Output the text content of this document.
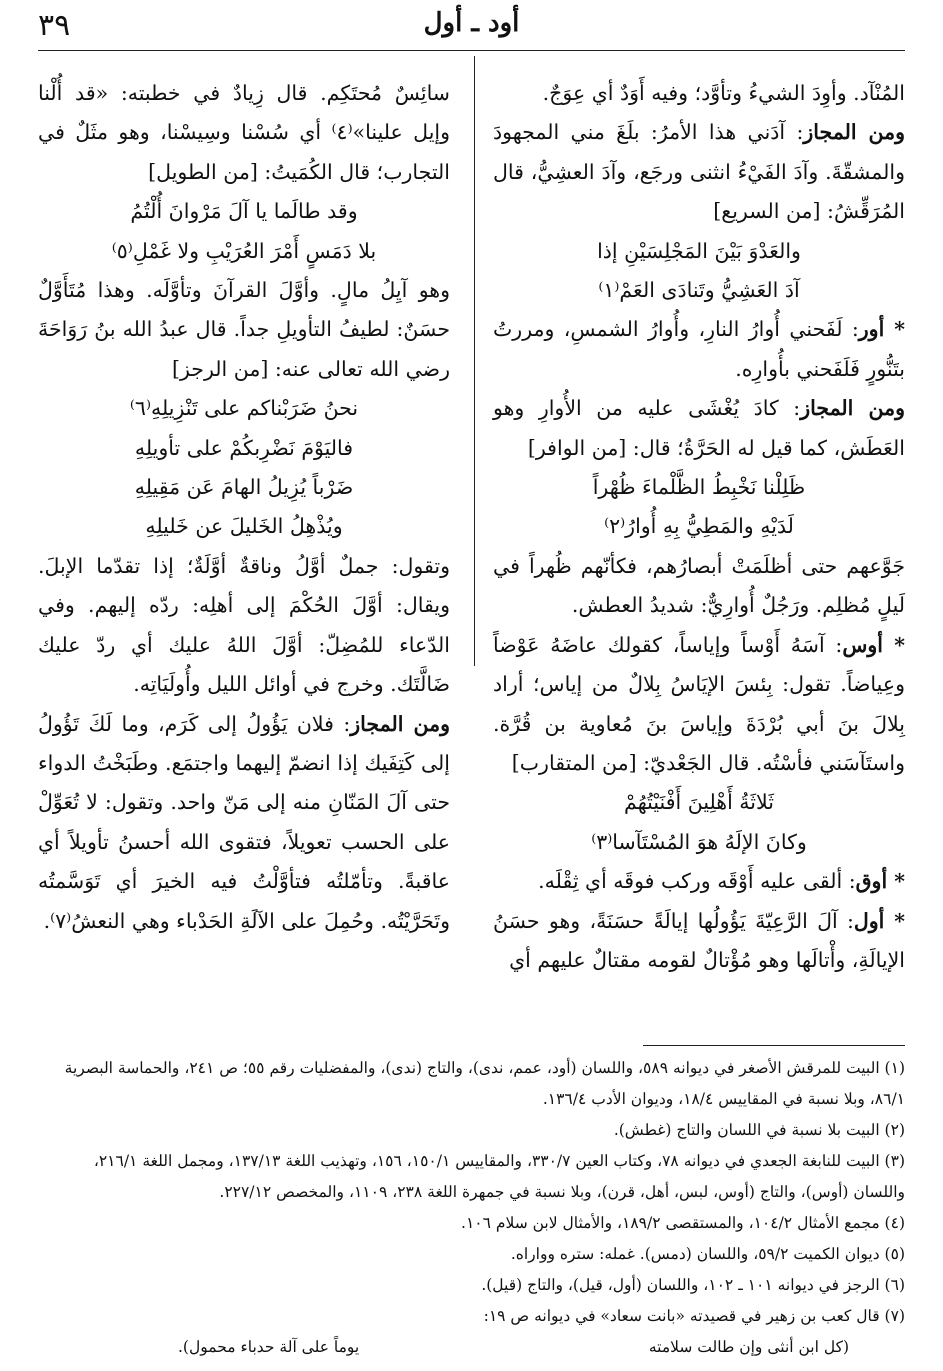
٣٩	أود ـ أول

المُنْآد. وأوِدَ الشيءُ وتأوَّد؛ وفيه أَوَدٌ أي عِوَجٌ.

ومن المجاز: آدَني هذا الأمرُ: بلَغَ مني المجهودَ والمشقّةَ. وآدَ الفَيْءُ انثنى ورجَع، وآدَ العشِيُّ، قال المُرَقِّشُ: [من السريع]

والعَدْوَ بَيْنَ المَجْلِسَيْنِ إذا
آدَ العَشِيُّ وتَنادَى العَمْ⁽١⁾

* أور: لَفَحني أُوارُ النارِ، وأُوارُ الشمسِ، ومررتُ بتَنُّورٍ فَلَفَحني بأُوارِه.

ومن المجاز: كادَ يُغْشَى عليه من الأُوارِ وهو العَطَش، كما قيل له الحَرَّةُ؛ قال: [من الوافر]

ظَلِلْنا نَخْبِطُ الظَّلْماءَ ظُهْراً
لَدَيْهِ والمَطِيُّ بِهِ أُوارُ⁽٢⁾

جَوَّعهم حتى أظلَمَتْ أبصارُهم، فكأنّهم ظُهراً في لَيلٍ مُظلِم. ورَجُلٌ أُوارِيٌّ: شديدُ العطش.

* أوس: آسَهُ أَوْساً وإياساً، كقولك عاضَهُ عَوْضاً وعِياضاً. تقول: بِئسَ الإيَاسُ بِلالٌ من إياس؛ أراد بِلالَ بنَ أبي بُرْدَةَ وإياسَ بنَ مُعاوية بن قُرَّة. واستَآسَني فأسْتُه. قال الجَعْديّ: [من المتقارب]

ثَلاثَةُ أَهْلِينَ أَفْنَيْتُهُمْ
وكانَ الإلَهُ هوَ المُسْتَآسا⁽٣⁾

* أوق: ألقى عليه أَوْقَه وركب فوقَه أي ثِقْلَه.

* أول: آلَ الرَّعِيّةَ يَؤُولُها إيالَةً حسَنَةً، وهو حسَنُ الإيالَةِ، وأْتالَها وهو مُؤْتالٌ لقومه مقتالٌ عليهم أي

سائِسٌ مُحتَكِم. قال زِيادٌ في خطبته: «قد أُلْنا وإيل علينا»⁽٤⁾ أي سُسْنا وسِيسْنا، وهو مثَلٌ في التجارب؛ قال الكُمَيتُ: [من الطويل]

وقد طالَما يا آلَ مَرْوانَ أُلْتُمُ
بلا دَمَسٍ أَمْرَ العُرَيْبِ ولا غَمْلِ⁽٥⁾

وهو آيِلُ مالٍ. وأوَّلَ القرآنَ وتأوَّلَه. وهذا مُتَأَوَّلٌ حسَنٌ: لطيفُ التأويلِ جداً. قال عبدُ الله بنُ رَوَاحَةَ رضي الله تعالى عنه: [من الرجز]

نحنُ ضَرَبْناكم على تَنْزِيلِهِ⁽٦⁾
فاليَوْمَ نَضْرِبكُمْ على تأويلِهِ
ضَرْباً يُزِيلُ الهامَ عَن مَقِيلِهِ
ويُذْهِلُ الخَليلَ عن خَليلِهِ

وتقول: جملٌ أوَّلُ وناقةٌ أوَّلَةٌ؛ إذا تقدّما الإبلَ. ويقال: أوَّلَ الحُكْمَ إلى أهلِه: ردّه إليهم. وفي الدّعاء للمُضِلّ: أوَّلَ اللهُ عليك أي ردّ عليك ضَالَّتَك. وخرج في أوائل الليل وأُولَيَاتِه.

ومن المجاز: فلان يَؤُولُ إلى كَرَم، وما لَكَ تَؤُولُ إلى كَتِفَيك إذا انضمّ إليهما واجتمَع. وطَبَخْتُ الدواء حتى آلَ المَنّانِ منه إلى مَنّ واحد. وتقول: لا تُعَوِّلْ على الحسب تعويلاً، فتقوى الله أحسنُ تأويلاً أي عاقبةً. وتأمّلتُه فتأوَّلْتُ فيه الخيرَ أي تَوَسَّمتُه وتَحَرَّيْتُه. وحُمِلَ على الآلَةِ الحَدْباء وهي النعشُ⁽٧⁾.

(١) البيت للمرقش الأصغر في ديوانه ٥٨٩، واللسان (أود، عمم، ندى)، والتاج (ندى)، والمفضليات رقم ٥٥؛ ص ٢٤١، والحماسة البصرية ٨٦/١، وبلا نسبة في المقاييس ١٨/٤، وديوان الأدب ١٣٦/٤.

(٢) البيت بلا نسبة في اللسان والتاج (غطش).

(٣) البيت للنابغة الجعدي في ديوانه ٧٨، وكتاب العين ٣٣٠/٧، والمقاييس ١٥٠/١، ١٥٦، وتهذيب اللغة ١٣٧/١٣، ومجمل اللغة ٢١٦/١، واللسان (أوس)، والتاج (أوس، لبس، أهل، قرن)، وبلا نسبة في جمهرة اللغة ٢٣٨، ١١٠٩، والمخصص ٢٢٧/١٢.

(٤) مجمع الأمثال ١٠٤/٢، والمستقصى ١٨٩/٢، والأمثال لابن سلام ١٠٦.

(٥) ديوان الكميت ٥٩/٢، واللسان (دمس). غمله: ستره وواراه.

(٦) الرجز في ديوانه ١٠١ ـ ١٠٢، واللسان (أول، قيل)، والتاج (قيل).

(٧) قال كعب بن زهير في قصيدته «بانت سعاد» في ديوانه ص ١٩:

(كل ابن أنثى وإن طالت سلامته
يوماً على آلة حدباء محمول).
